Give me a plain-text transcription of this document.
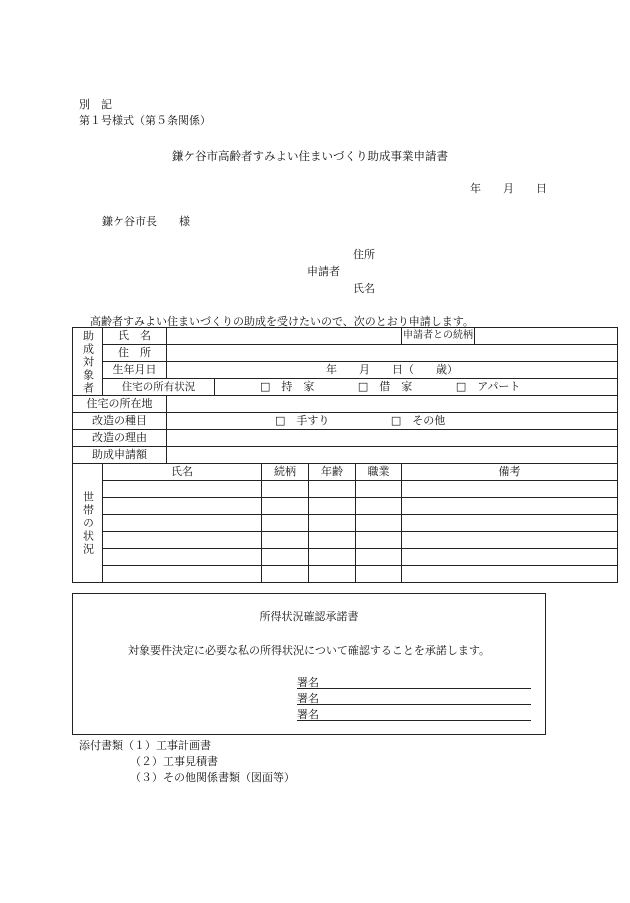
別　記
第１号様式（第５条関係）
鎌ケ谷市高齢者すみよい住まいづくり助成事業申請書
年　　月　　日
鎌ケ谷市長　　様
住所
申請者
氏名
高齢者すみよい住まいづくりの助成を受けたいので、次のとおり申請します。
助成対象者	氏　名						申請者との続柄	
	住　所							
	生年月日	年　　月　　日（　　歳）						
	住宅の所有状況		□　持　家 □　借　家 □　アパート					
住宅の所在地								
改造の種目		□　手すり □　その他						
改造の理由								
助成申請額								
世帯の状況	氏名			続柄	年齢	職業	備考	

所得状況確認承諾書
対象要件決定に必要な私の所得状況について確認することを承諾します。
署名
署名
署名
添付書類（１）工事計画書
（２）工事見積書
（３）その他関係書類（図面等）
